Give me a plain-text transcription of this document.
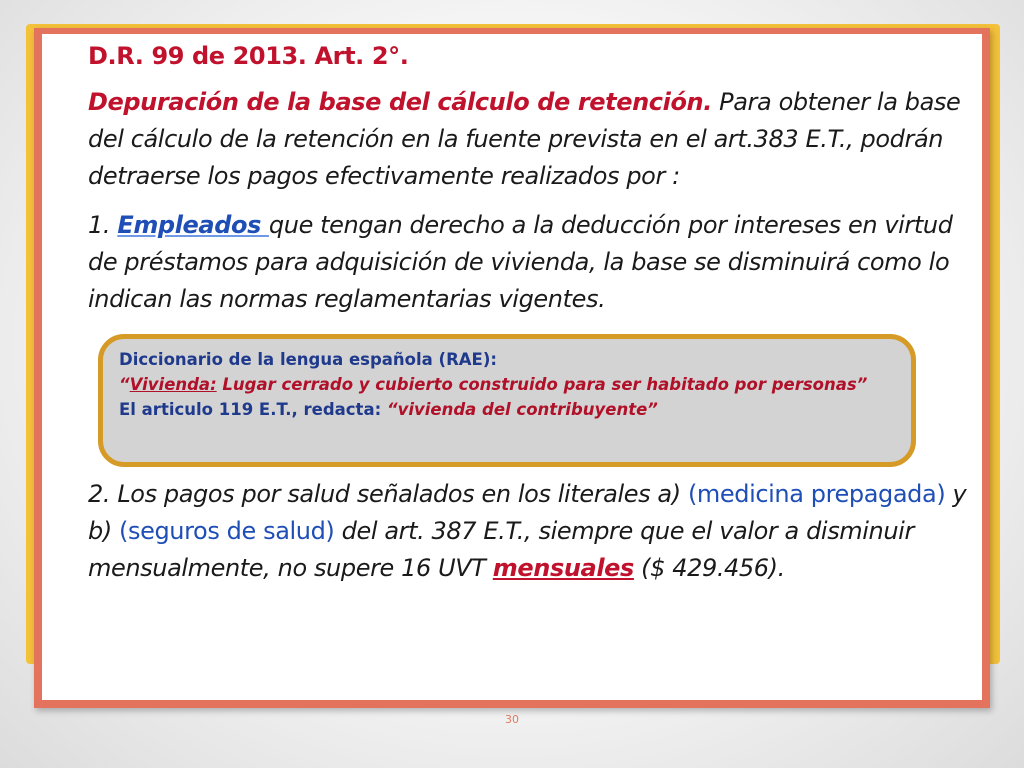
D.R. 99 de 2013. Art. 2°.
Depuración de la base del cálculo de retención. Para obtener la base del cálculo de la retención en la fuente prevista en el art.383 E.T., podrán detraerse los pagos efectivamente realizados por :
1. Empleados que tengan derecho a la deducción por intereses en virtud de préstamos para adquisición de vivienda, la base se disminuirá como lo indican las normas reglamentarias vigentes.
Diccionario de la lengua española (RAE):
“Vivienda: Lugar cerrado y cubierto construido para ser habitado por personas”
El articulo 119 E.T., redacta: “vivienda del contribuyente”
2. Los pagos por salud señalados en los literales a) (medicina prepagada) y b) (seguros de salud) del art. 387 E.T., siempre que el valor a disminuir mensualmente, no supere 16 UVT mensuales ($ 429.456).
30
